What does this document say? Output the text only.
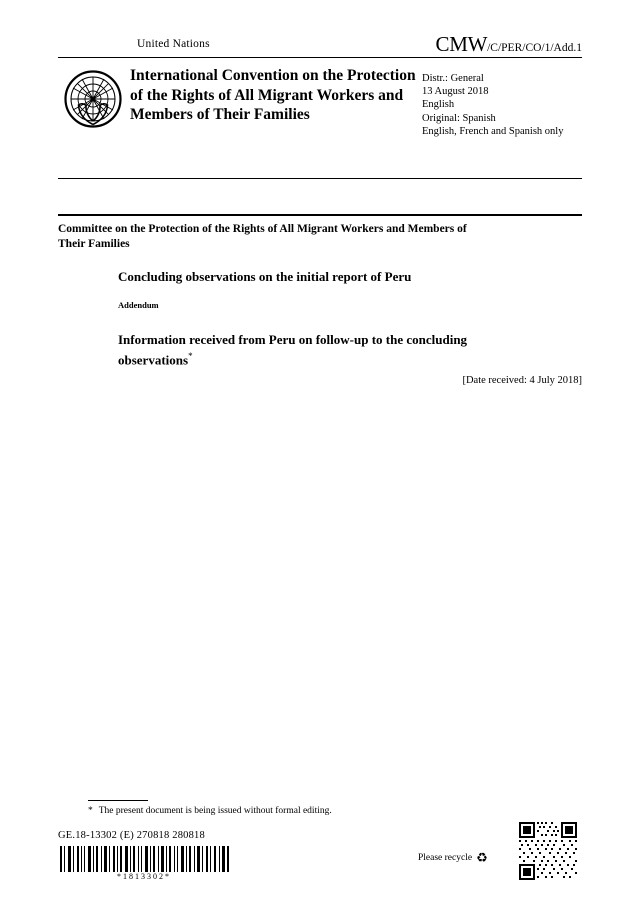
United Nations	CMW/C/PER/CO/1/Add.1
International Convention on the Protection of the Rights of All Migrant Workers and Members of Their Families
Distr.: General
13 August 2018
English
Original: Spanish
English, French and Spanish only
Committee on the Protection of the Rights of All Migrant Workers and Members of Their Families
Concluding observations on the initial report of Peru
Addendum
Information received from Peru on follow-up to the concluding observations*
[Date received: 4 July 2018]
* The present document is being issued without formal editing.
GE.18-13302 (E) 270818 280818
*1813302*
Please recycle ♻
